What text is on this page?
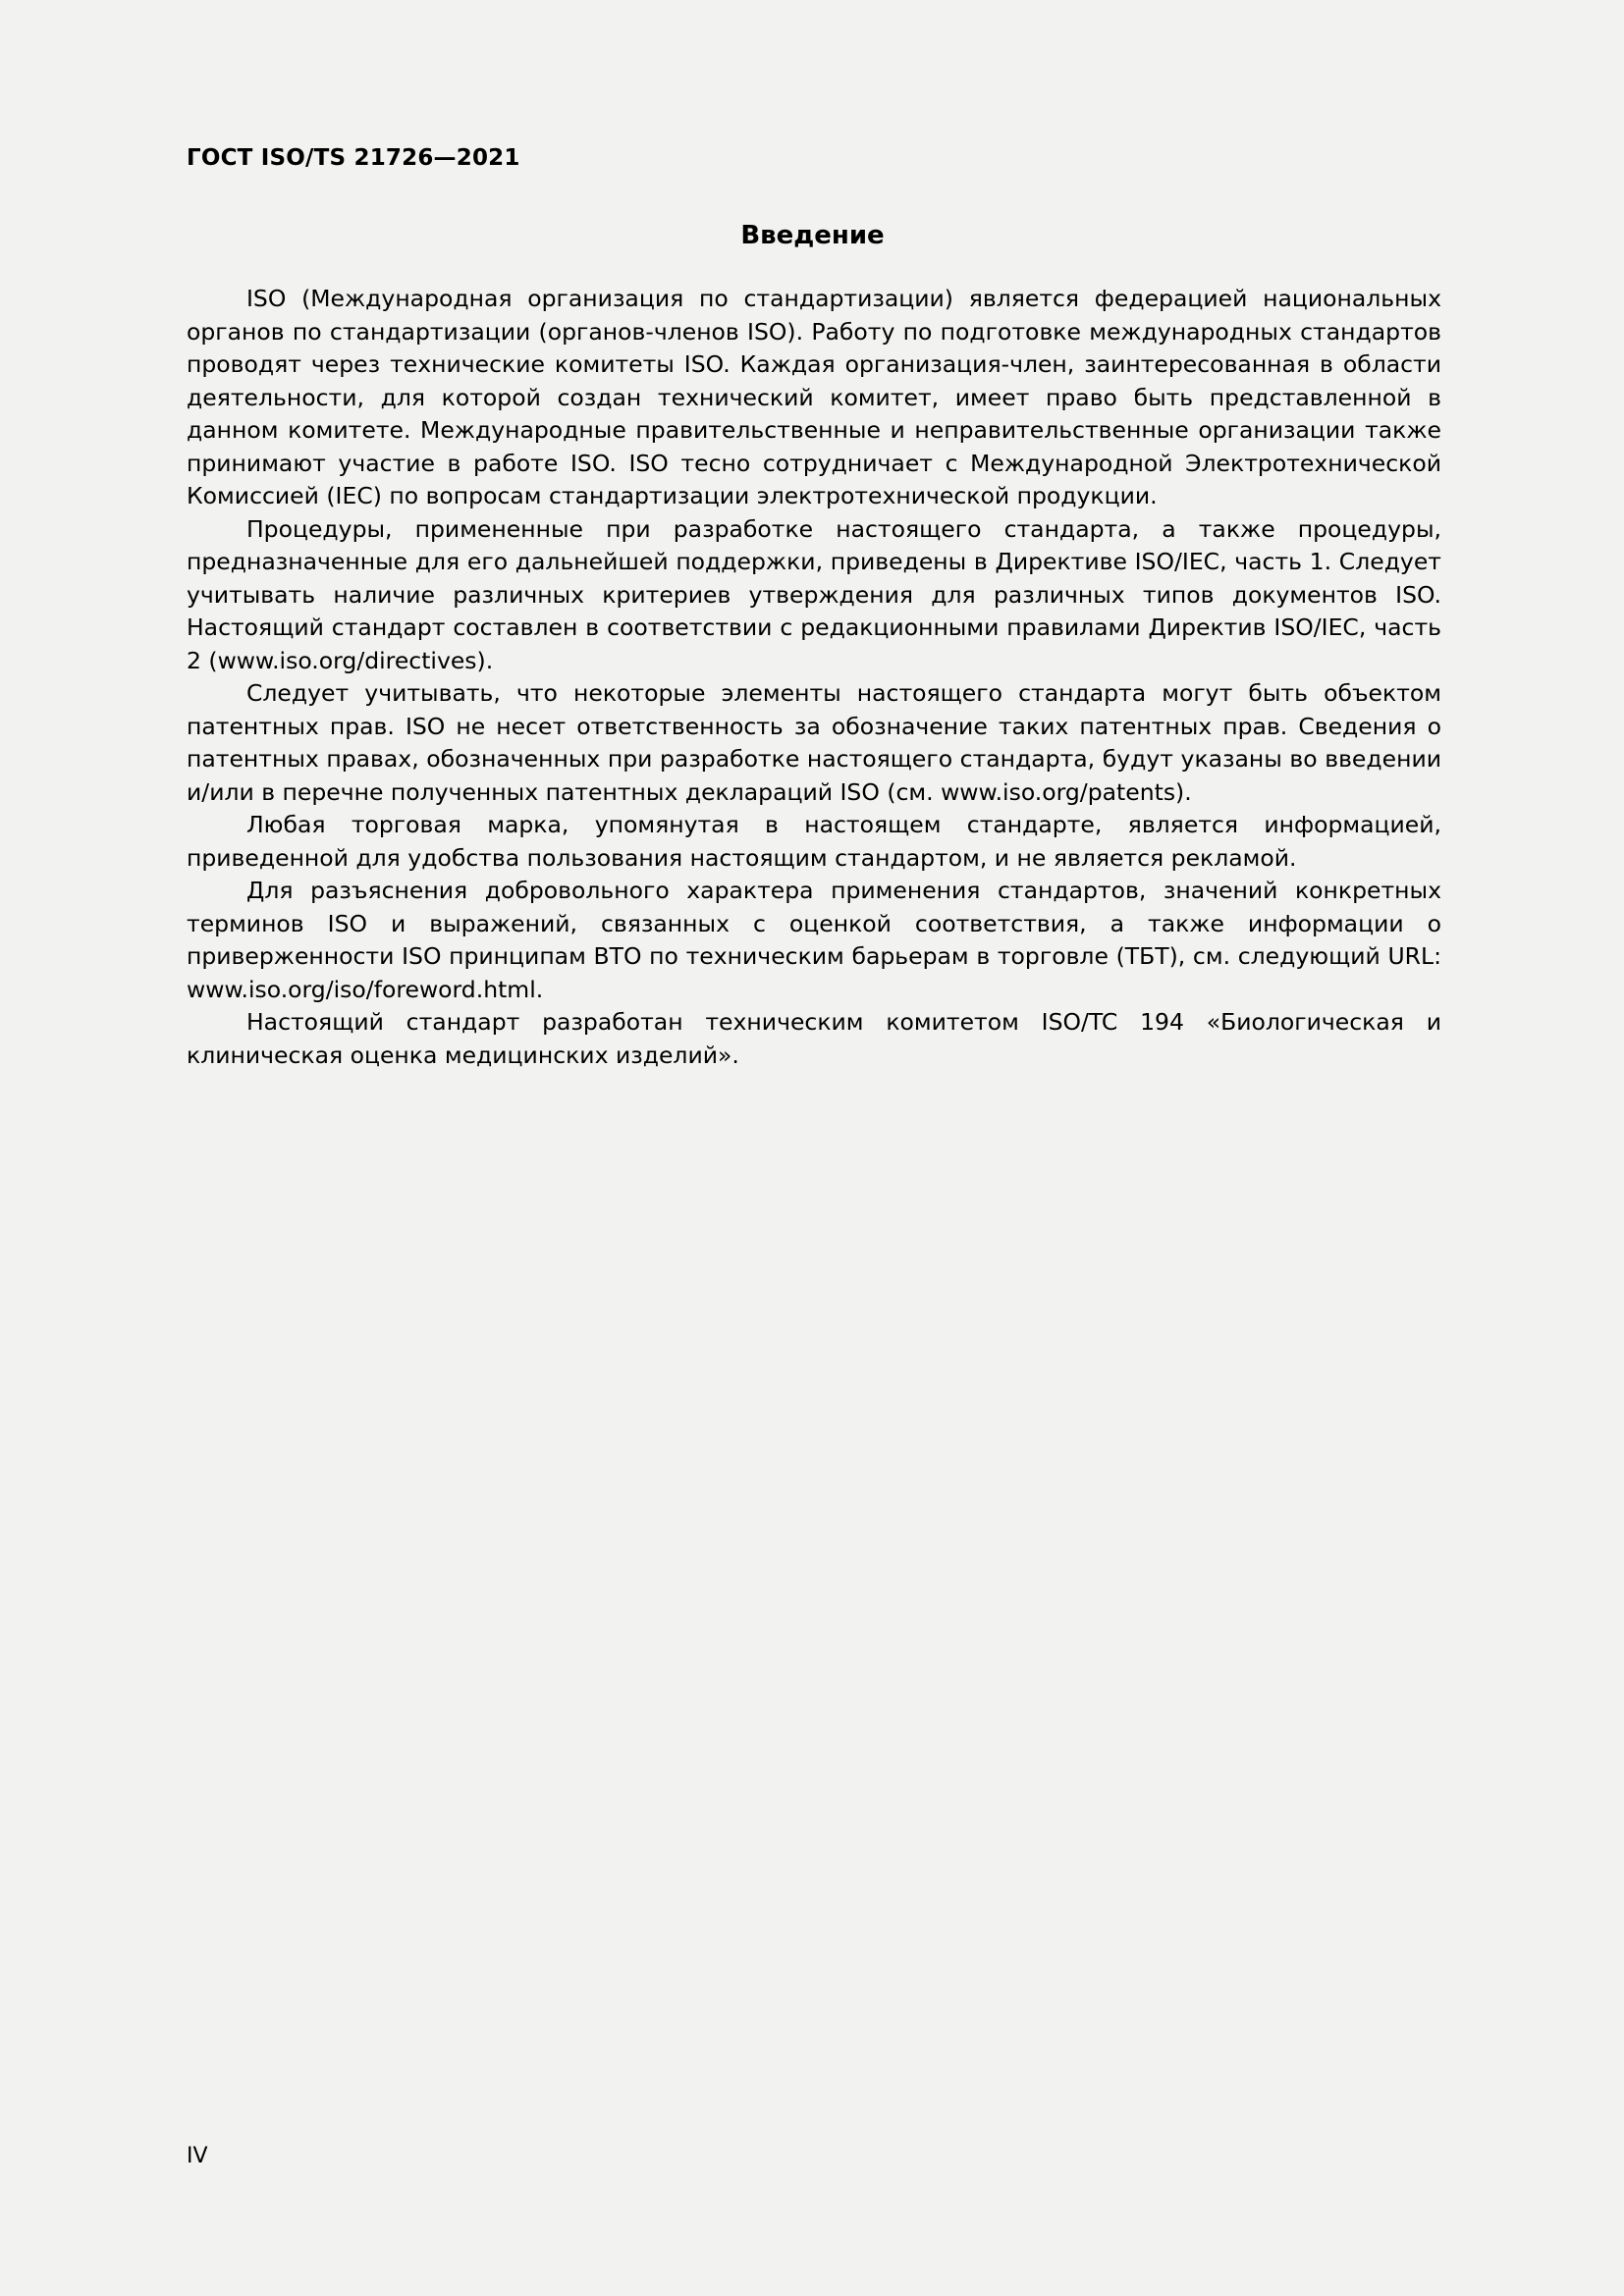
ГОСТ ISO/TS 21726—2021
Введение

ISO (Международная организация по стандартизации) является федерацией национальных органов по стандартизации (органов-членов ISO). Работу по подготовке международных стандартов проводят через технические комитеты ISO. Каждая организация-член, заинтересованная в области деятельности, для которой создан технический комитет, имеет право быть представленной в данном комитете. Международные правительственные и неправительственные организации также принимают участие в работе ISO. ISO тесно сотрудничает с Международной Электротехнической Комиссией (IEC) по вопросам стандартизации электротехнической продукции.

Процедуры, примененные при разработке настоящего стандарта, а также процедуры, предназначенные для его дальнейшей поддержки, приведены в Директиве ISO/IEC, часть 1. Следует учитывать наличие различных критериев утверждения для различных типов документов ISO. Настоящий стандарт составлен в соответствии с редакционными правилами Директив ISO/IEC, часть 2 (www.iso.org/directives).

Следует учитывать, что некоторые элементы настоящего стандарта могут быть объектом патентных прав. ISO не несет ответственность за обозначение таких патентных прав. Сведения о патентных правах, обозначенных при разработке настоящего стандарта, будут указаны во введении и/или в перечне полученных патентных деклараций ISO (см. www.iso.org/patents).

Любая торговая марка, упомянутая в настоящем стандарте, является информацией, приведенной для удобства пользования настоящим стандартом, и не является рекламой.

Для разъяснения добровольного характера применения стандартов, значений конкретных терминов ISO и выражений, связанных с оценкой соответствия, а также информации о приверженности ISO принципам ВТО по техническим барьерам в торговле (ТБТ), см. следующий URL: www.iso.org/iso/foreword.html.

Настоящий стандарт разработан техническим комитетом ISO/TC 194 «Биологическая и клиническая оценка медицинских изделий».

IV
